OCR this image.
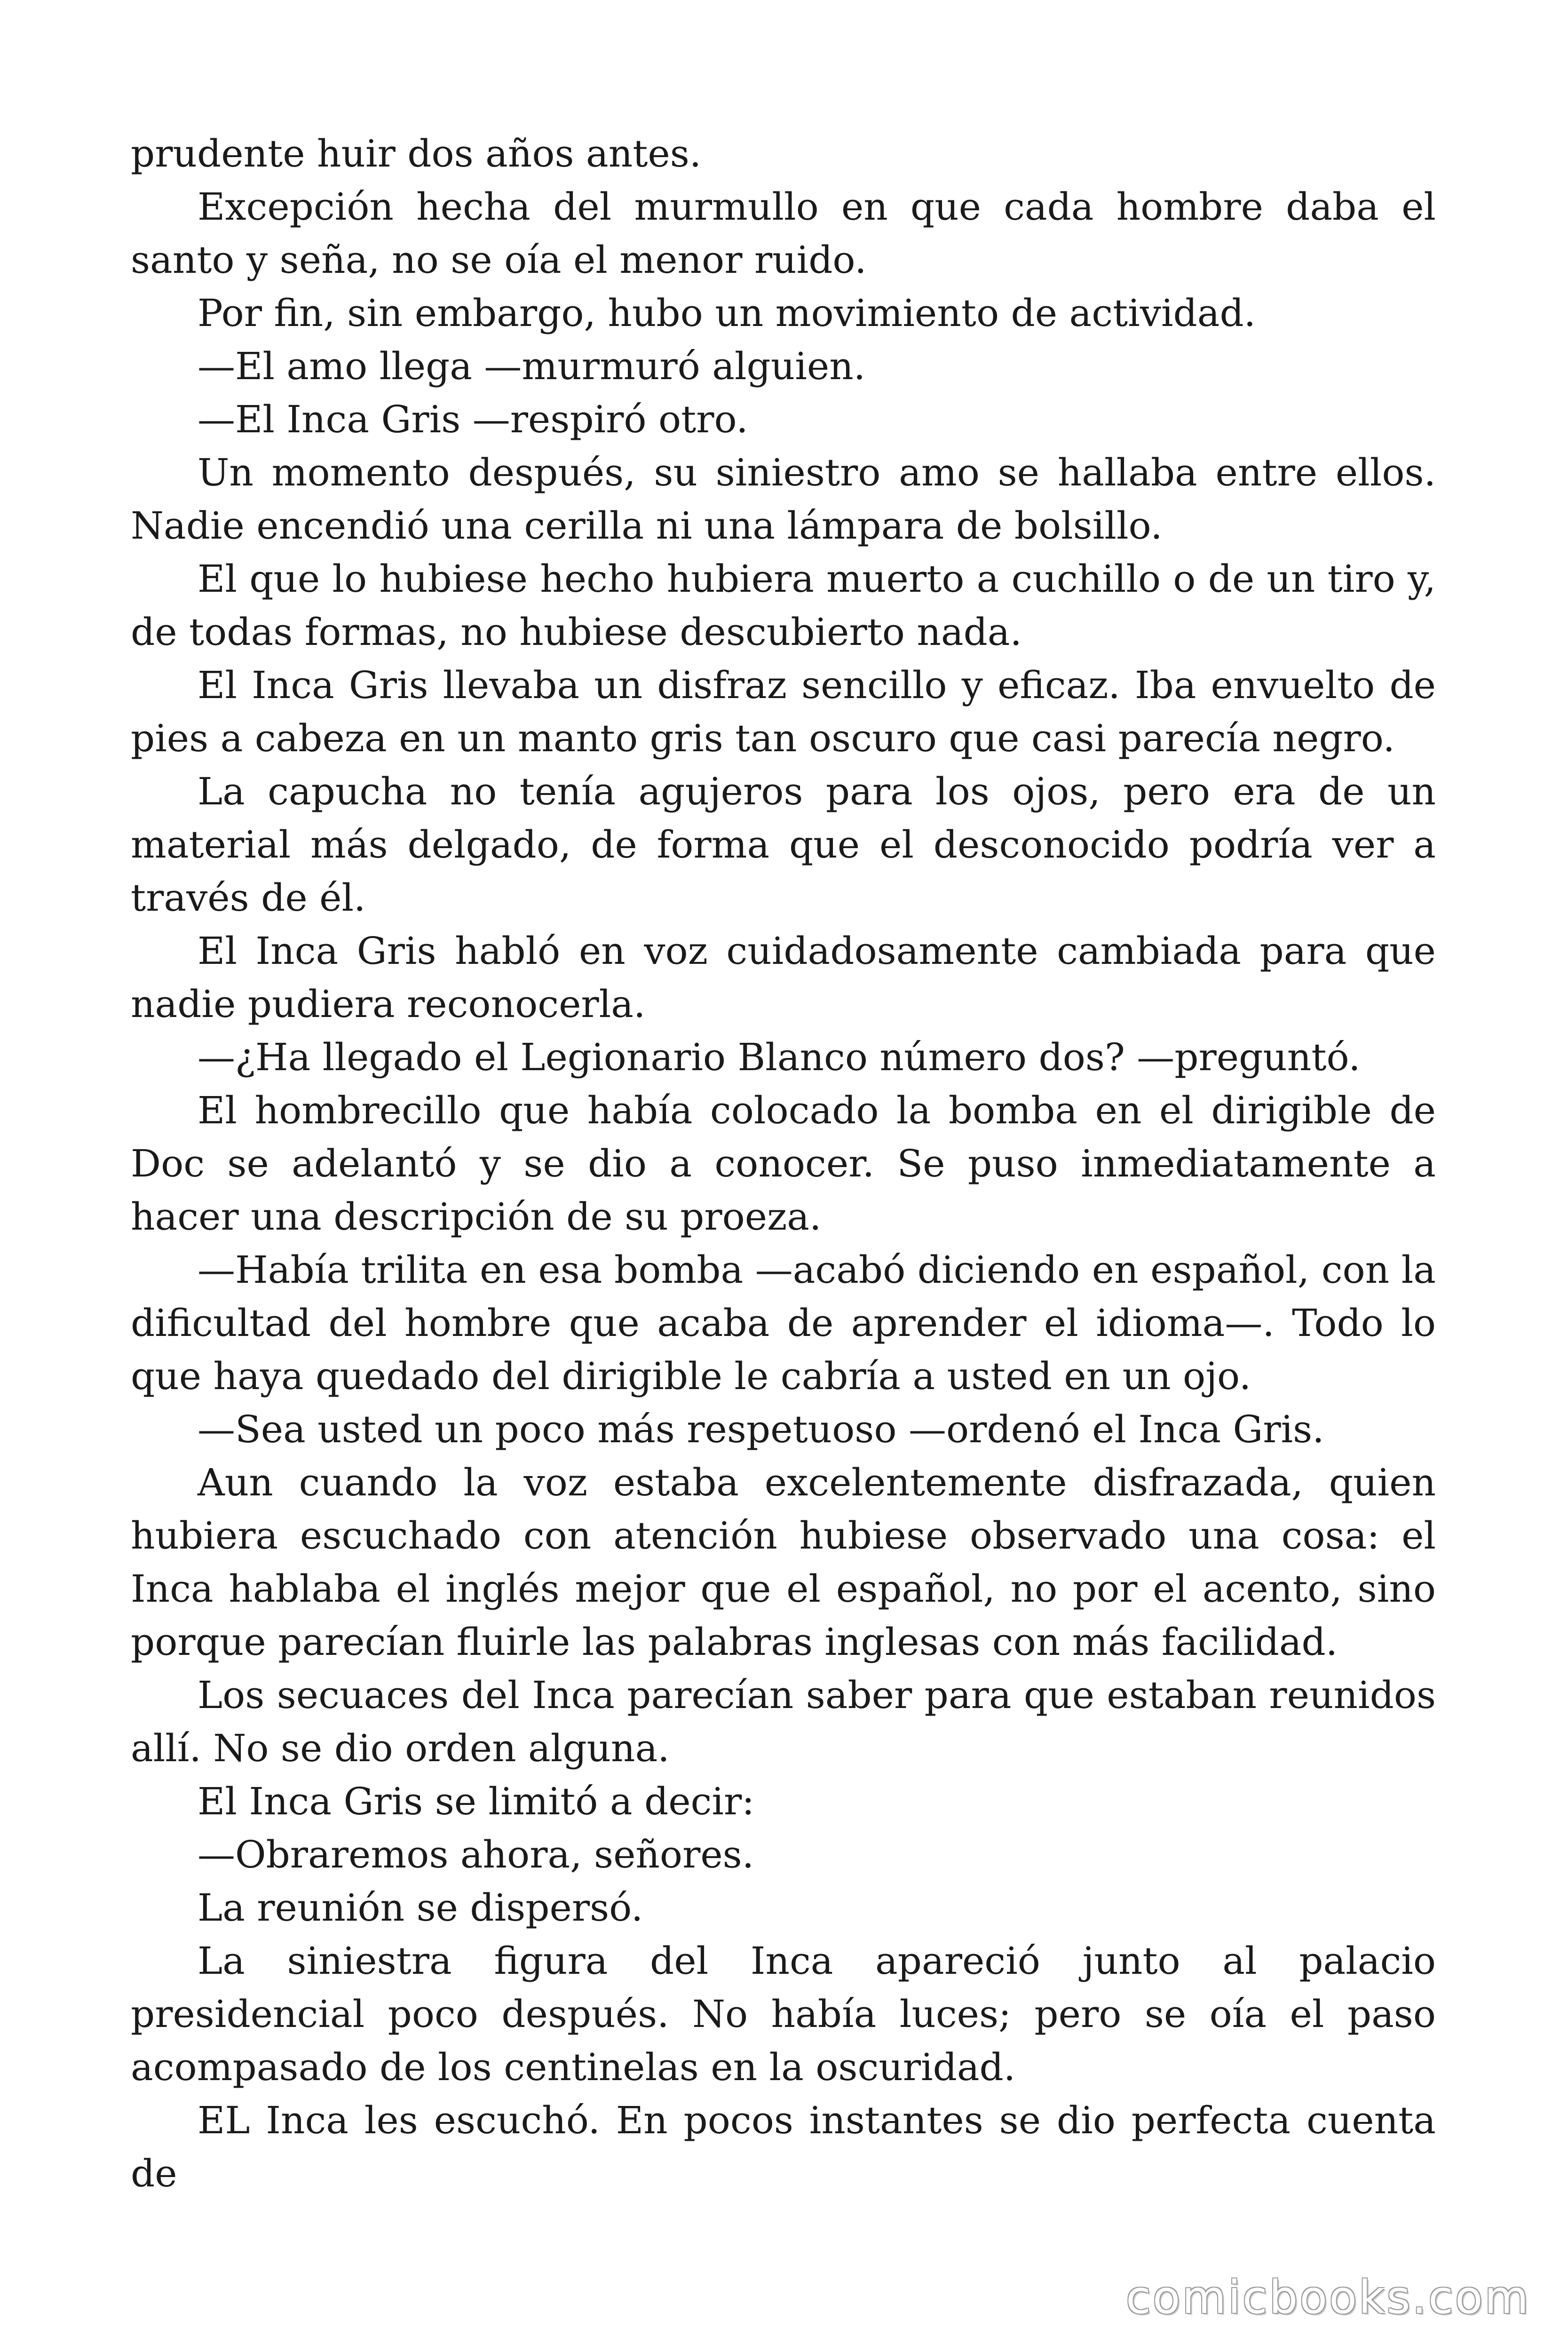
prudente huir dos años antes.

Excepción hecha del murmullo en que cada hombre daba el santo y seña, no se oía el menor ruido.

Por fin, sin embargo, hubo un movimiento de actividad.

—El amo llega —murmuró alguien.

—El Inca Gris —respiró otro.

Un momento después, su siniestro amo se hallaba entre ellos. Nadie encendió una cerilla ni una lámpara de bolsillo.

El que lo hubiese hecho hubiera muerto a cuchillo o de un tiro y, de todas formas, no hubiese descubierto nada.

El Inca Gris llevaba un disfraz sencillo y eficaz. Iba envuelto de pies a cabeza en un manto gris tan oscuro que casi parecía negro.

La capucha no tenía agujeros para los ojos, pero era de un material más delgado, de forma que el desconocido podría ver a través de él.

El Inca Gris habló en voz cuidadosamente cambiada para que nadie pudiera reconocerla.

—¿Ha llegado el Legionario Blanco número dos? —preguntó.

El hombrecillo que había colocado la bomba en el dirigible de Doc se adelantó y se dio a conocer. Se puso inmediatamente a hacer una descripción de su proeza.

—Había trilita en esa bomba —acabó diciendo en español, con la dificultad del hombre que acaba de aprender el idioma—. Todo lo que haya quedado del dirigible le cabría a usted en un ojo.

—Sea usted un poco más respetuoso —ordenó el Inca Gris.

Aun cuando la voz estaba excelentemente disfrazada, quien hubiera escuchado con atención hubiese observado una cosa: el Inca hablaba el inglés mejor que el español, no por el acento, sino porque parecían fluirle las palabras inglesas con más facilidad.

Los secuaces del Inca parecían saber para que estaban reunidos allí. No se dio orden alguna.

El Inca Gris se limitó a decir:

—Obraremos ahora, señores.

La reunión se dispersó.

La siniestra figura del Inca apareció junto al palacio presidencial poco después. No había luces; pero se oía el paso acompasado de los centinelas en la oscuridad.

EL Inca les escuchó. En pocos instantes se dio perfecta cuenta de

comicbooks.com
